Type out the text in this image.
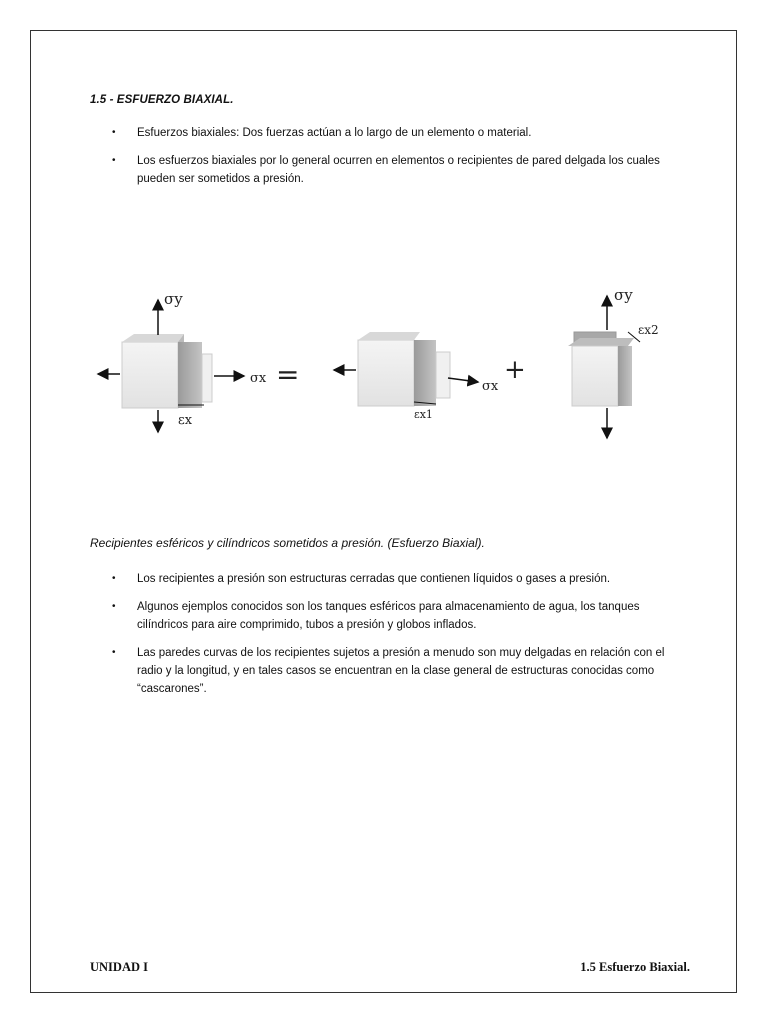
1.5 - ESFUERZO BIAXIAL.
• Esfuerzos biaxiales: Dos fuerzas actúan a lo largo de un elemento o material.
• Los esfuerzos biaxiales por lo general ocurren en elementos o recipientes de pared delgada los cuales pueden ser sometidos a presión.
σy
σx
εx
=	σx
εx1
+
σy
εx2
Recipientes esféricos y cilíndricos sometidos a presión. (Esfuerzo Biaxial).
• Los recipientes a presión son estructuras cerradas que contienen líquidos o gases a presión.
• Algunos ejemplos conocidos son los tanques esféricos para almacenamiento de agua, los tanques cilíndricos para aire comprimido, tubos a presión y globos inflados.
• Las paredes curvas de los recipientes sujetos a presión a menudo son muy delgadas en relación con el radio y la longitud, y en tales casos se encuentran en la clase general de estructuras conocidas como “cascarones”.
UNIDAD I	1.5 Esfuerzo Biaxial.
